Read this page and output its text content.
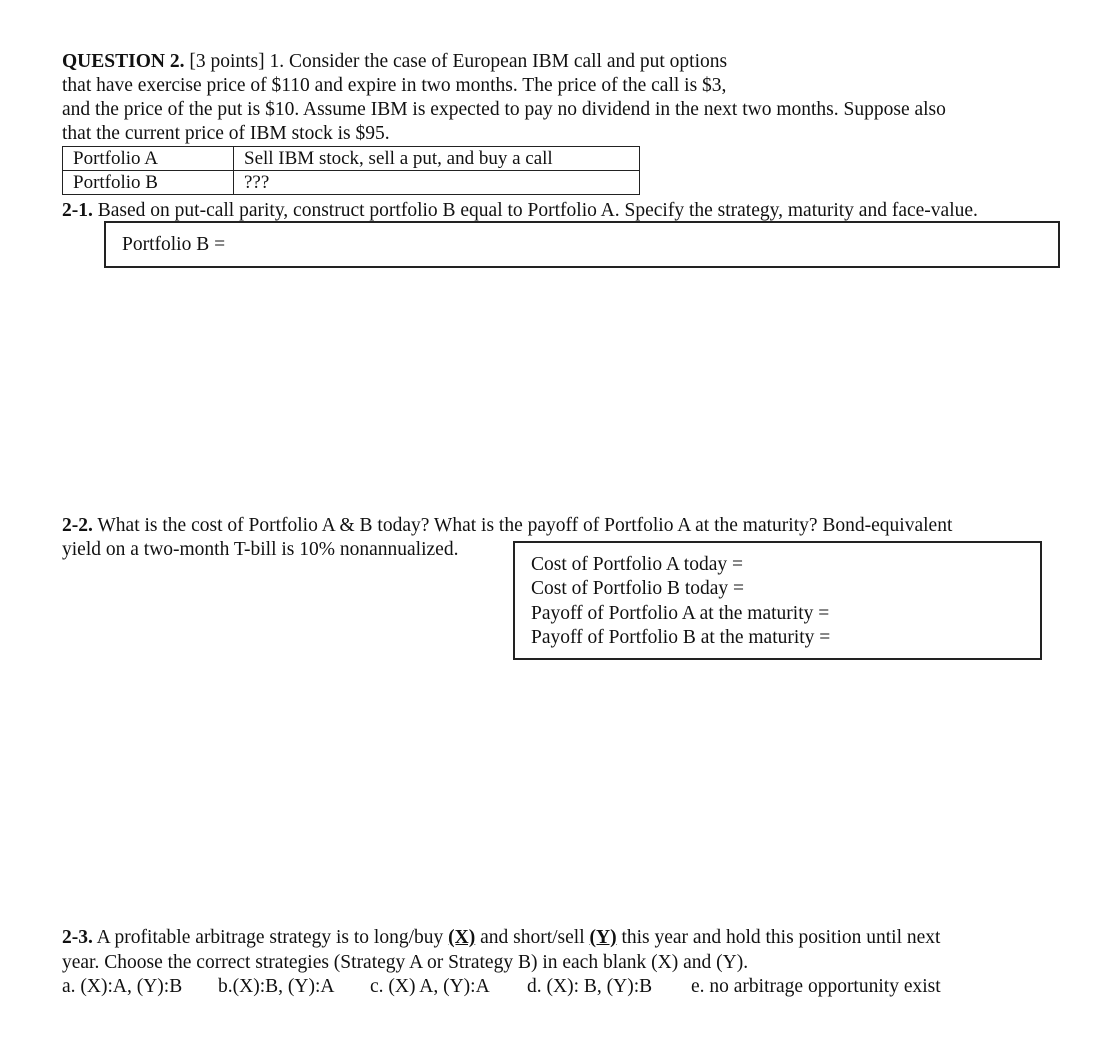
QUESTION 2. [3 points] 1. Consider the case of European IBM call and put options
that have exercise price of $110 and expire in two months. The price of the call is $3,
and the price of the put is $10. Assume IBM is expected to pay no dividend in the next two months. Suppose also
that the current price of IBM stock is $95.
Portfolio A	Sell IBM stock, sell a put, and buy a call
Portfolio B	???
2-1. Based on put-call parity, construct portfolio B equal to Portfolio A. Specify the strategy, maturity and face-value.
Portfolio B =
2-2. What is the cost of Portfolio A & B today? What is the payoff of Portfolio A at the maturity? Bond-equivalent
yield on a two-month T-bill is 10% nonannualized.
Cost of Portfolio A today =
Cost of Portfolio B today =
Payoff of Portfolio A at the maturity =
Payoff of Portfolio B at the maturity =
2-3. A profitable arbitrage strategy is to long/buy (X) and short/sell (Y) this year and hold this position until next
year. Choose the correct strategies (Strategy A or Strategy B) in each blank (X) and (Y).
a. (X):A, (Y):B b.(X):B, (Y):A c. (X) A, (Y):A d. (X): B, (Y):B e. no arbitrage opportunity exist
